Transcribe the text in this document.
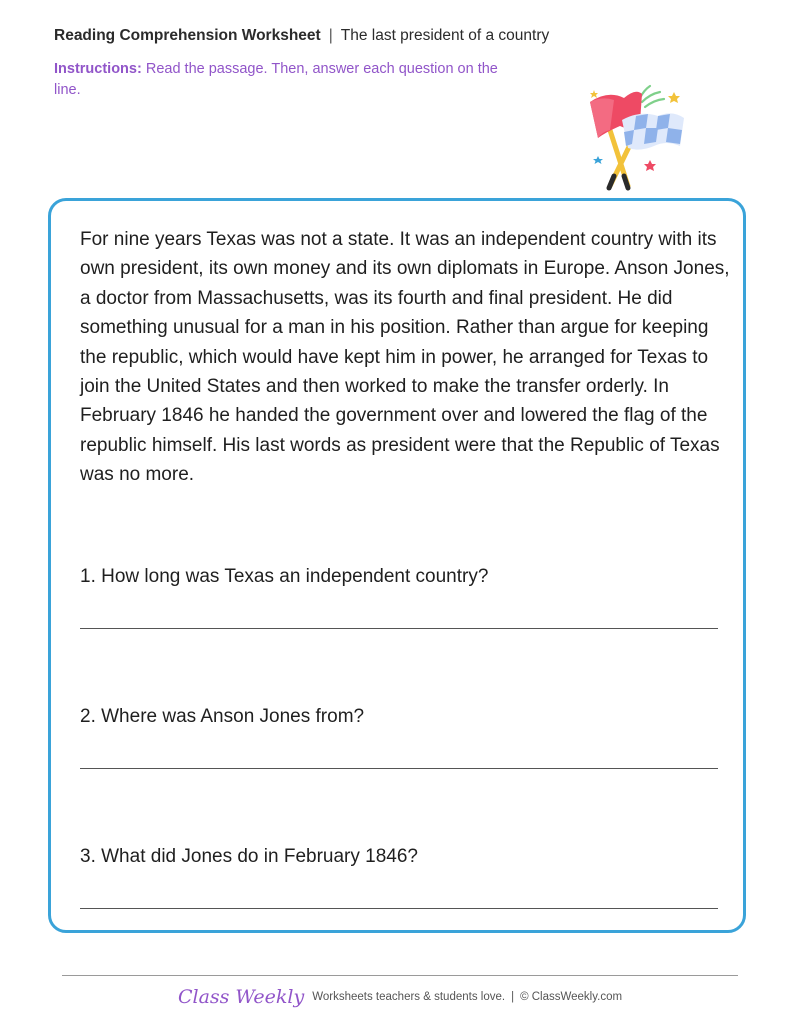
Reading Comprehension Worksheet | The last president of a country
Instructions: Read the passage. Then, answer each question on the line.

For nine years Texas was not a state. It was an independent country with its own president, its own money and its own diplomats in Europe. Anson Jones, a doctor from Massachusetts, was its fourth and final president. He did something unusual for a man in his position. Rather than argue for keeping the republic, which would have kept him in power, he arranged for Texas to join the United States and then worked to make the transfer orderly. In February 1846 he handed the government over and lowered the flag of the republic himself. His last words as president were that the Republic of Texas was no more.

1. How long was Texas an independent country?
2. Where was Anson Jones from?
3. What did Jones do in February 1846?
Class Weekly Worksheets teachers & students love. | © ClassWeekly.com
